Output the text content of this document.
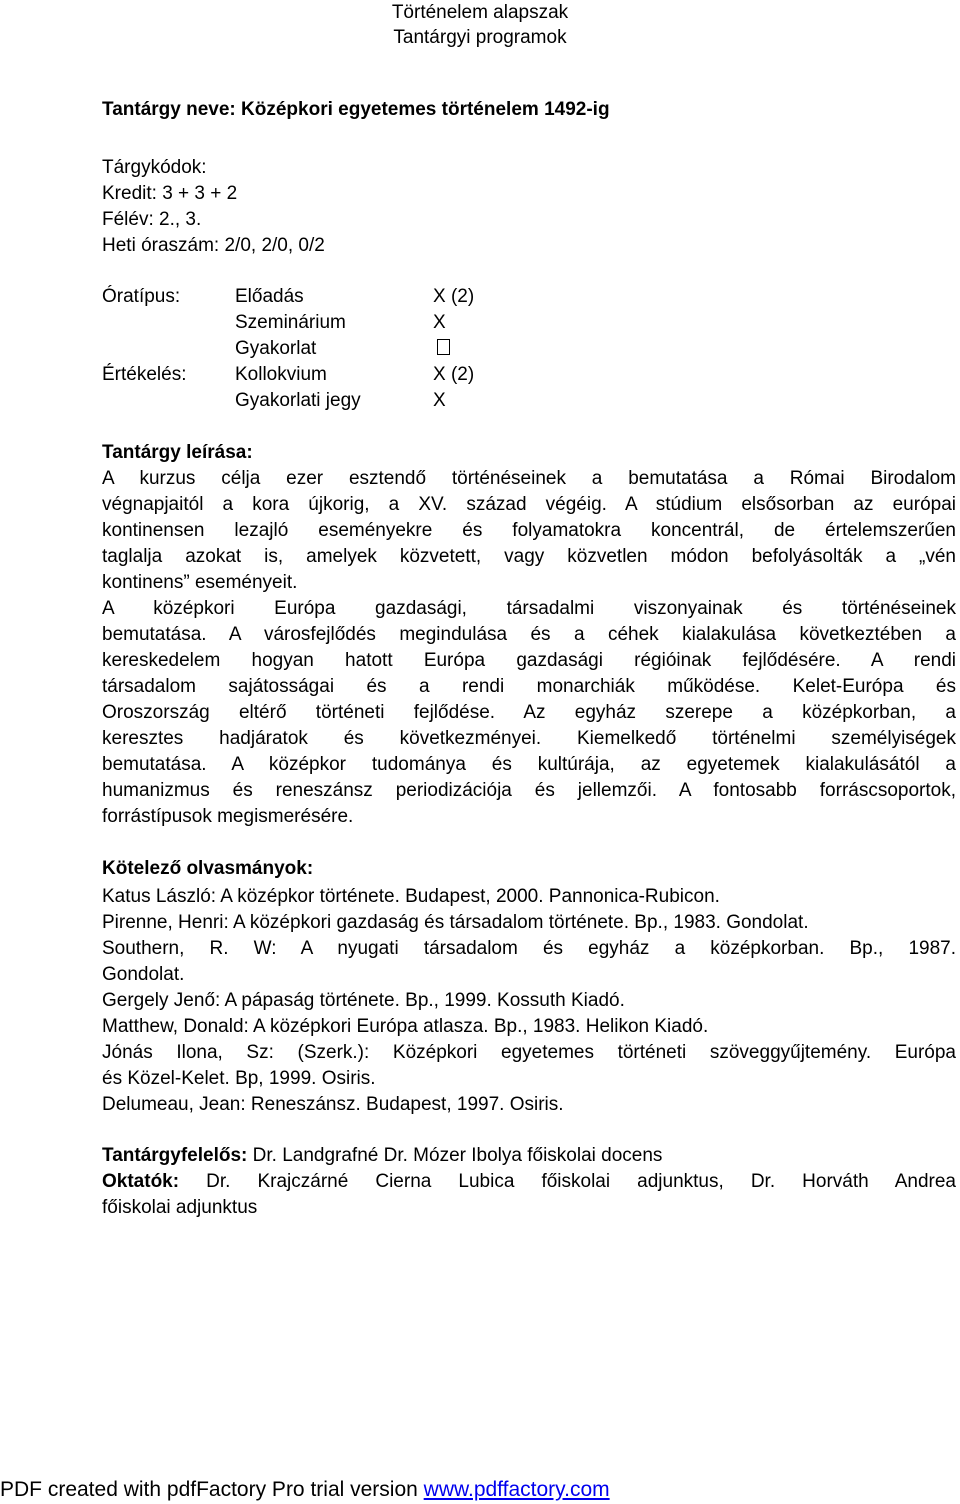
Történelem alapszak
Tantárgyi programok
Tantárgy neve: Középkori egyetemes történelem 1492-ig
Tárgykódok:
Kredit: 3 + 3 + 2
Félév: 2., 3.
Heti óraszám: 2/0, 2/0, 0/2
Óratípus:	Előadás	X (2)
Szeminárium	X
Gyakorlat
Értékelés:	Kollokvium	X (2)
Gyakorlati jegy	X
Tantárgy leírása:
A kurzus célja ezer esztendő történéseinek a bemutatása a Római Birodalom
végnapjaitól a kora újkorig, a XV. század végéig. A stúdium elsősorban az európai
kontinensen lezajló eseményekre és folyamatokra koncentrál, de értelemszerűen
taglalja azokat is, amelyek közvetett, vagy közvetlen módon befolyásolták a „vén
kontinens” eseményeit.
A középkori Európa gazdasági, társadalmi viszonyainak és történéseinek
bemutatása. A városfejlődés megindulása és a céhek kialakulása következtében a
kereskedelem hogyan hatott Európa gazdasági régióinak fejlődésére. A rendi
társadalom sajátosságai és a rendi monarchiák működése. Kelet-Európa és
Oroszország eltérő történeti fejlődése. Az egyház szerepe a középkorban, a
keresztes hadjáratok és következményei. Kiemelkedő történelmi személyiségek
bemutatása. A középkor tudománya és kultúrája, az egyetemek kialakulásától a
humanizmus és reneszánsz periodizációja és jellemzői. A fontosabb forráscsoportok,
forrástípusok megismerésére.
Kötelező olvasmányok:
Katus László: A középkor története. Budapest, 2000. Pannonica-Rubicon.
Pirenne, Henri: A középkori gazdaság és társadalom története. Bp., 1983. Gondolat.
Southern, R. W: A nyugati társadalom és egyház a középkorban. Bp., 1987.
Gondolat.
Gergely Jenő: A pápaság története. Bp., 1999. Kossuth Kiadó.
Matthew, Donald: A középkori Európa atlasza. Bp., 1983. Helikon Kiadó.
Jónás Ilona, Sz: (Szerk.): Középkori egyetemes történeti szöveggyűjtemény. Európa
és Közel-Kelet. Bp, 1999. Osiris.
Delumeau, Jean: Reneszánsz. Budapest, 1997. Osiris.
Tantárgyfelelős: Dr. Landgrafné Dr. Mózer Ibolya főiskolai docens
Oktatók: Dr. Krajczárné Cierna Lubica főiskolai adjunktus, Dr. Horváth Andrea
főiskolai adjunktus
PDF created with pdfFactory Pro trial version www.pdffactory.com
